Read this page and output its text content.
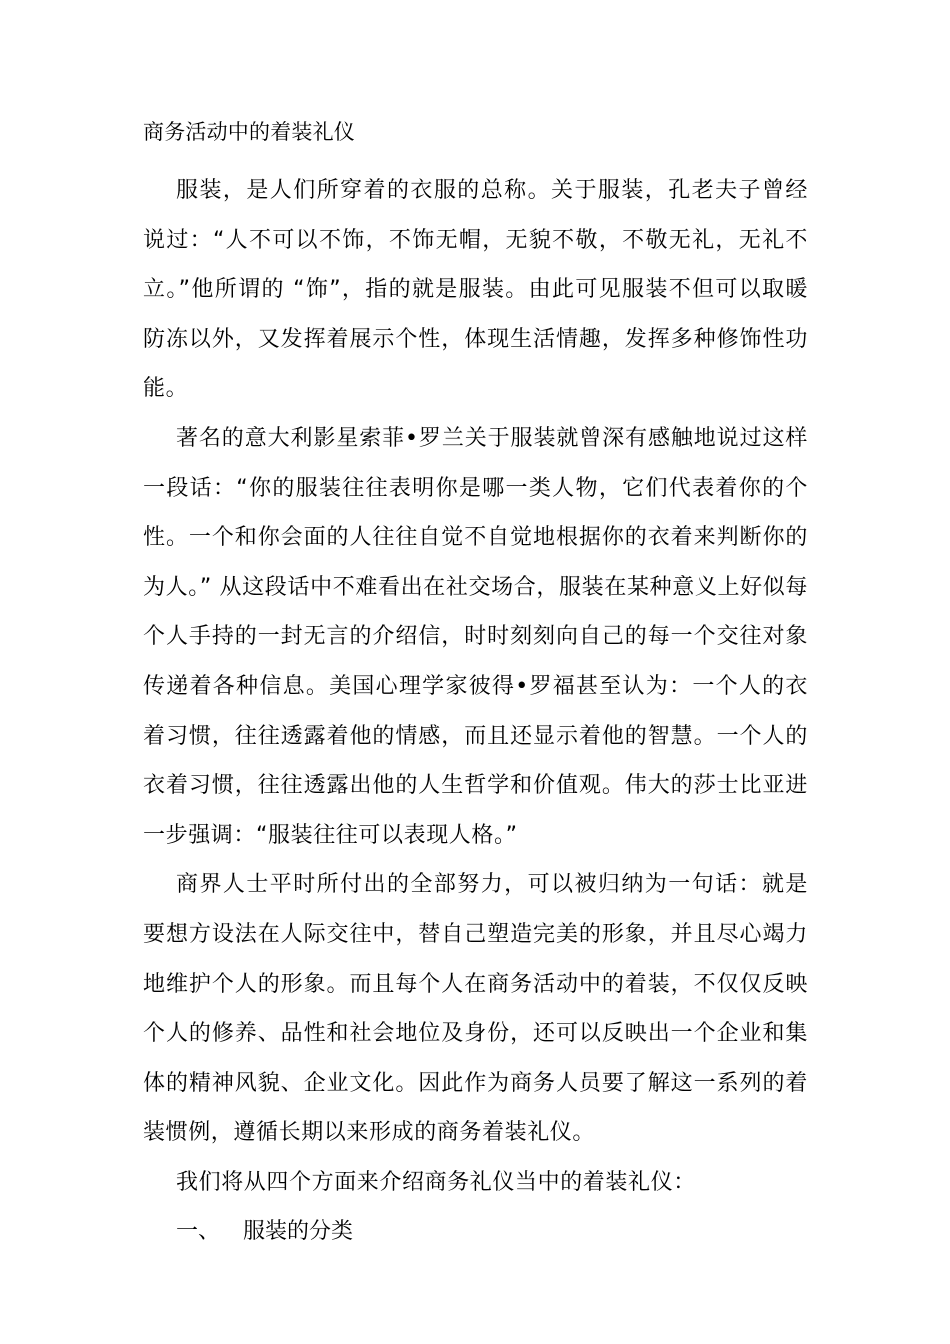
商务活动中的着装礼仪

服装，是人们所穿着的衣服的总称。关于服装，孔老夫子曾经说过：“人不可以不饰，不饰无帽，无貌不敬，不敬无礼，无礼不立。”他所谓的 “饰”，指的就是服装。由此可见服装不但可以取暖防冻以外，又发挥着展示个性，体现生活情趣，发挥多种修饰性功能。

著名的意大利影星索菲•罗兰关于服装就曾深有感触地说过这样一段话：“你的服装往往表明你是哪一类人物，它们代表着你的个性。一个和你会面的人往往自觉不自觉地根据你的衣着来判断你的为人。” 从这段话中不难看出在社交场合，服装在某种意义上好似每个人手持的一封无言的介绍信，时时刻刻向自己的每一个交往对象传递着各种信息。美国心理学家彼得•罗福甚至认为：一个人的衣着习惯，往往透露着他的情感，而且还显示着他的智慧。一个人的衣着习惯，往往透露出他的人生哲学和价值观。伟大的莎士比亚进一步强调：“服装往往可以表现人格。”

商界人士平时所付出的全部努力，可以被归纳为一句话：就是要想方设法在人际交往中，替自己塑造完美的形象，并且尽心竭力地维护个人的形象。而且每个人在商务活动中的着装，不仅仅反映个人的修养、品性和社会地位及身份，还可以反映出一个企业和集体的精神风貌、企业文化。因此作为商务人员要了解这一系列的着装惯例，遵循长期以来形成的商务着装礼仪。

我们将从四个方面来介绍商务礼仪当中的着装礼仪：

一、 服装的分类
